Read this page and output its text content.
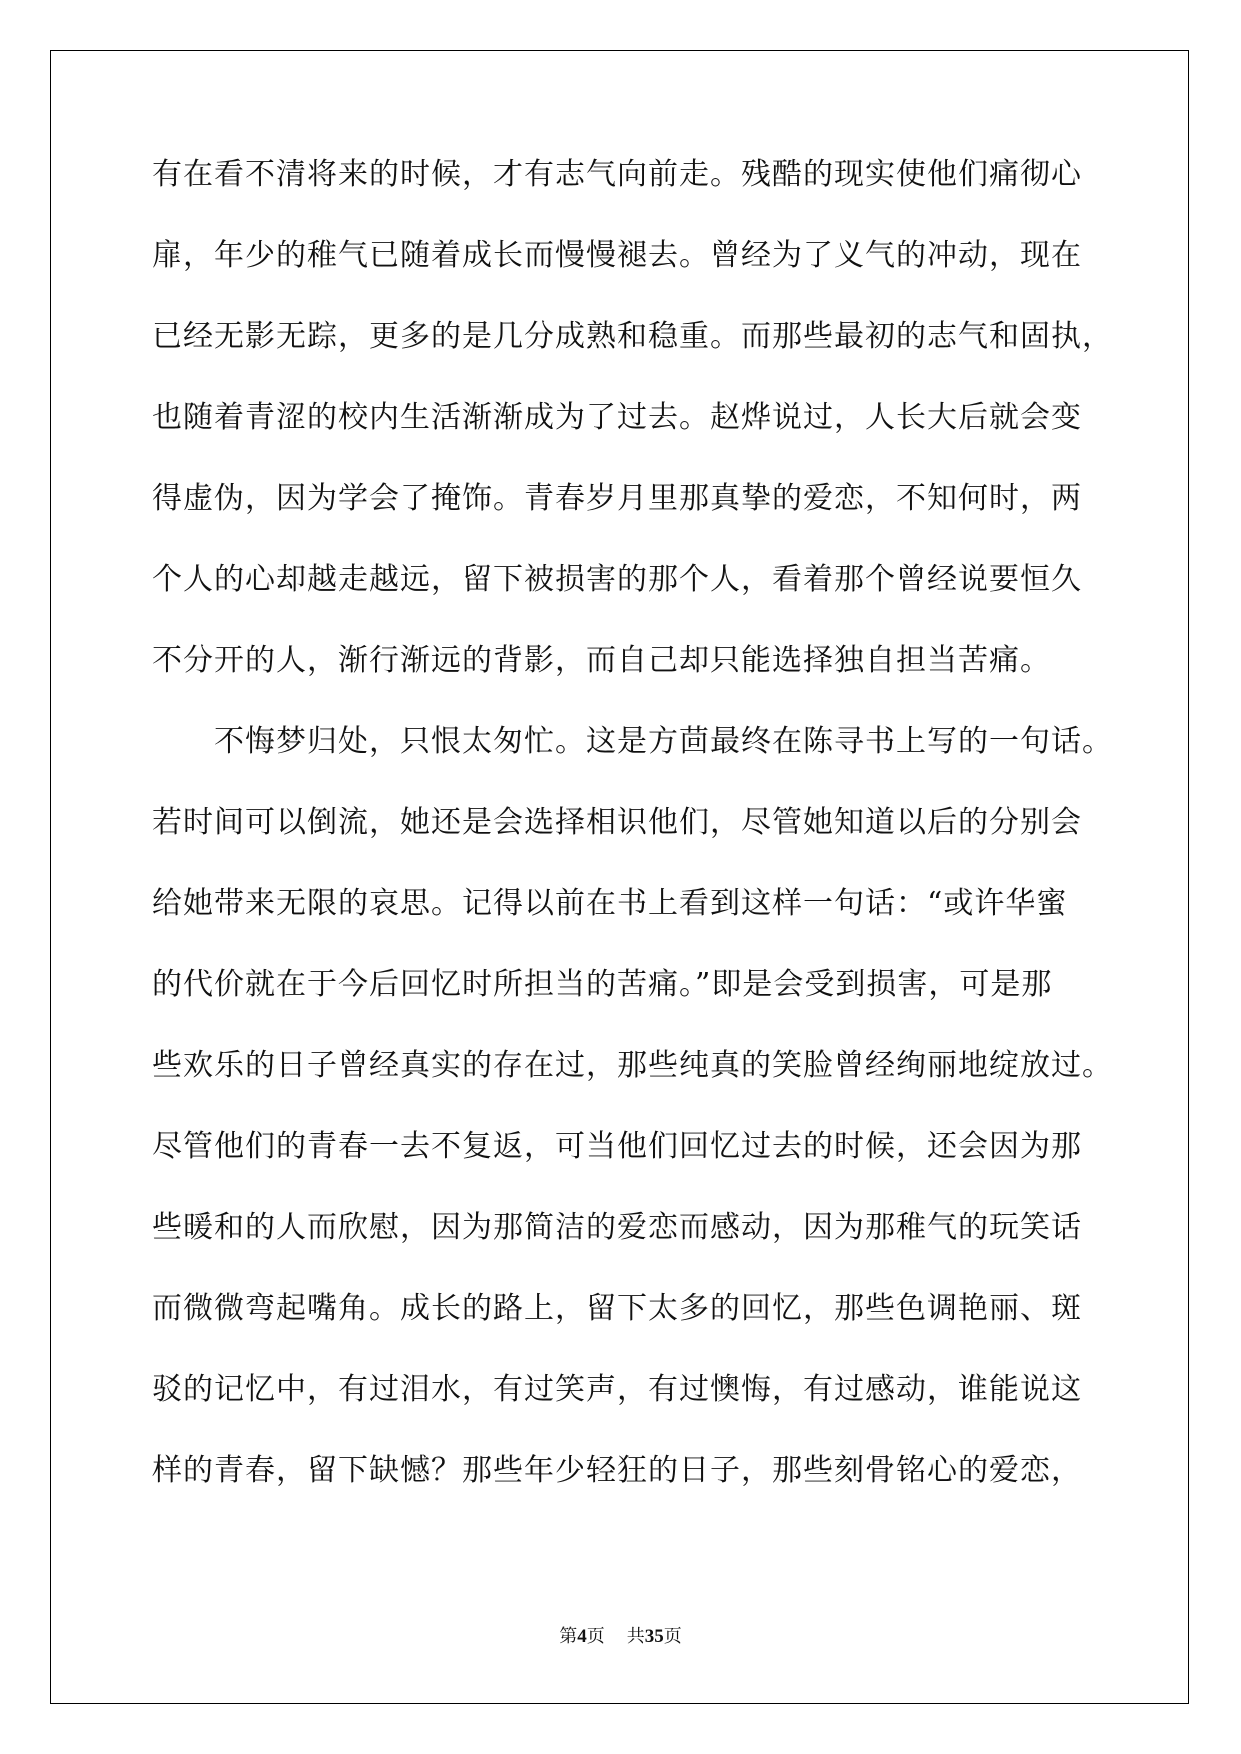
有在看不清将来的时候，才有志气向前走。残酷的现实使他们痛彻心
扉，年少的稚气已随着成长而慢慢褪去。曾经为了义气的冲动，现在
已经无影无踪，更多的是几分成熟和稳重。而那些最初的志气和固执，
也随着青涩的校内生活渐渐成为了过去。赵烨说过，人长大后就会变
得虚伪，因为学会了掩饰。青春岁月里那真挚的爱恋，不知何时，两
个人的心却越走越远，留下被损害的那个人，看着那个曾经说要恒久
不分开的人，渐行渐远的背影，而自己却只能选择独自担当苦痛。
不悔梦归处，只恨太匆忙。这是方茴最终在陈寻书上写的一句话。
若时间可以倒流，她还是会选择相识他们，尽管她知道以后的分别会
给她带来无限的哀思。记得以前在书上看到这样一句话：“或许华蜜
的代价就在于今后回忆时所担当的苦痛。”即是会受到损害，可是那
些欢乐的日子曾经真实的存在过，那些纯真的笑脸曾经绚丽地绽放过。
尽管他们的青春一去不复返，可当他们回忆过去的时候，还会因为那
些暖和的人而欣慰，因为那简洁的爱恋而感动，因为那稚气的玩笑话
而微微弯起嘴角。成长的路上，留下太多的回忆，那些色调艳丽、斑
驳的记忆中，有过泪水，有过笑声，有过懊悔，有过感动，谁能说这
样的青春，留下缺憾？那些年少轻狂的日子，那些刻骨铭心的爱恋，
第4页 共35页
